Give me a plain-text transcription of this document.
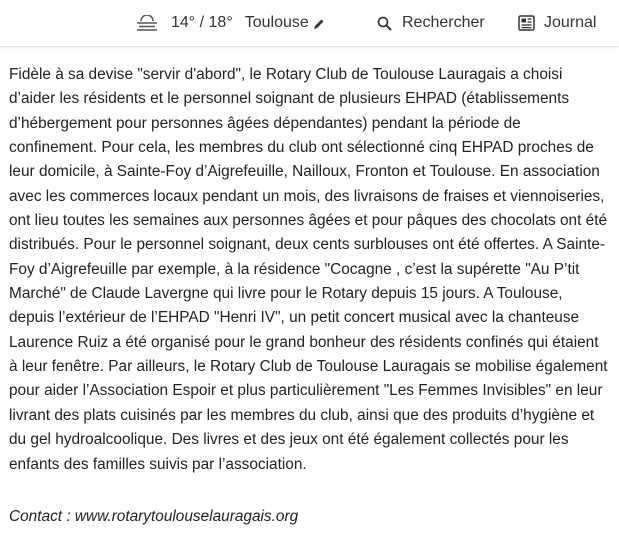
14° / 18° Toulouse	Rechercher	Journal

Fidèle à sa devise "servir d'abord", le Rotary Club de Toulouse Lauragais a choisi d’aider les résidents et le personnel soignant de plusieurs EHPAD (établissements d’hébergement pour personnes âgées dépendantes) pendant la période de confinement. Pour cela, les membres du club ont sélectionné cinq EHPAD proches de leur domicile, à Sainte-Foy d’Aigrefeuille, Nailloux, Fronton et Toulouse. En association avec les commerces locaux pendant un mois, des livraisons de fraises et viennoiseries, ont lieu toutes les semaines aux personnes âgées et pour pâques des chocolats ont été distribués. Pour le personnel soignant, deux cents surblouses ont été offertes. A Sainte-Foy d’Aigrefeuille par exemple, à la résidence "Cocagne , c’est la supérette "Au P’tit Marché" de Claude Lavergne qui livre pour le Rotary depuis 15 jours. A Toulouse, depuis l’extérieur de l’EHPAD "Henri IV", un petit concert musical avec la chanteuse Laurence Ruiz a été organisé pour le grand bonheur des résidents confinés qui étaient à leur fenêtre. Par ailleurs, le Rotary Club de Toulouse Lauragais se mobilise également pour aider l’Association Espoir et plus particulièrement "Les Femmes Invisibles" en leur livrant des plats cuisinés par les membres du club, ainsi que des produits d’hygiène et du gel hydroalcoolique. Des livres et des jeux ont été également collectés pour les enfants des familles suivis par l’association.

Contact : www.rotarytoulouselauragais.org
